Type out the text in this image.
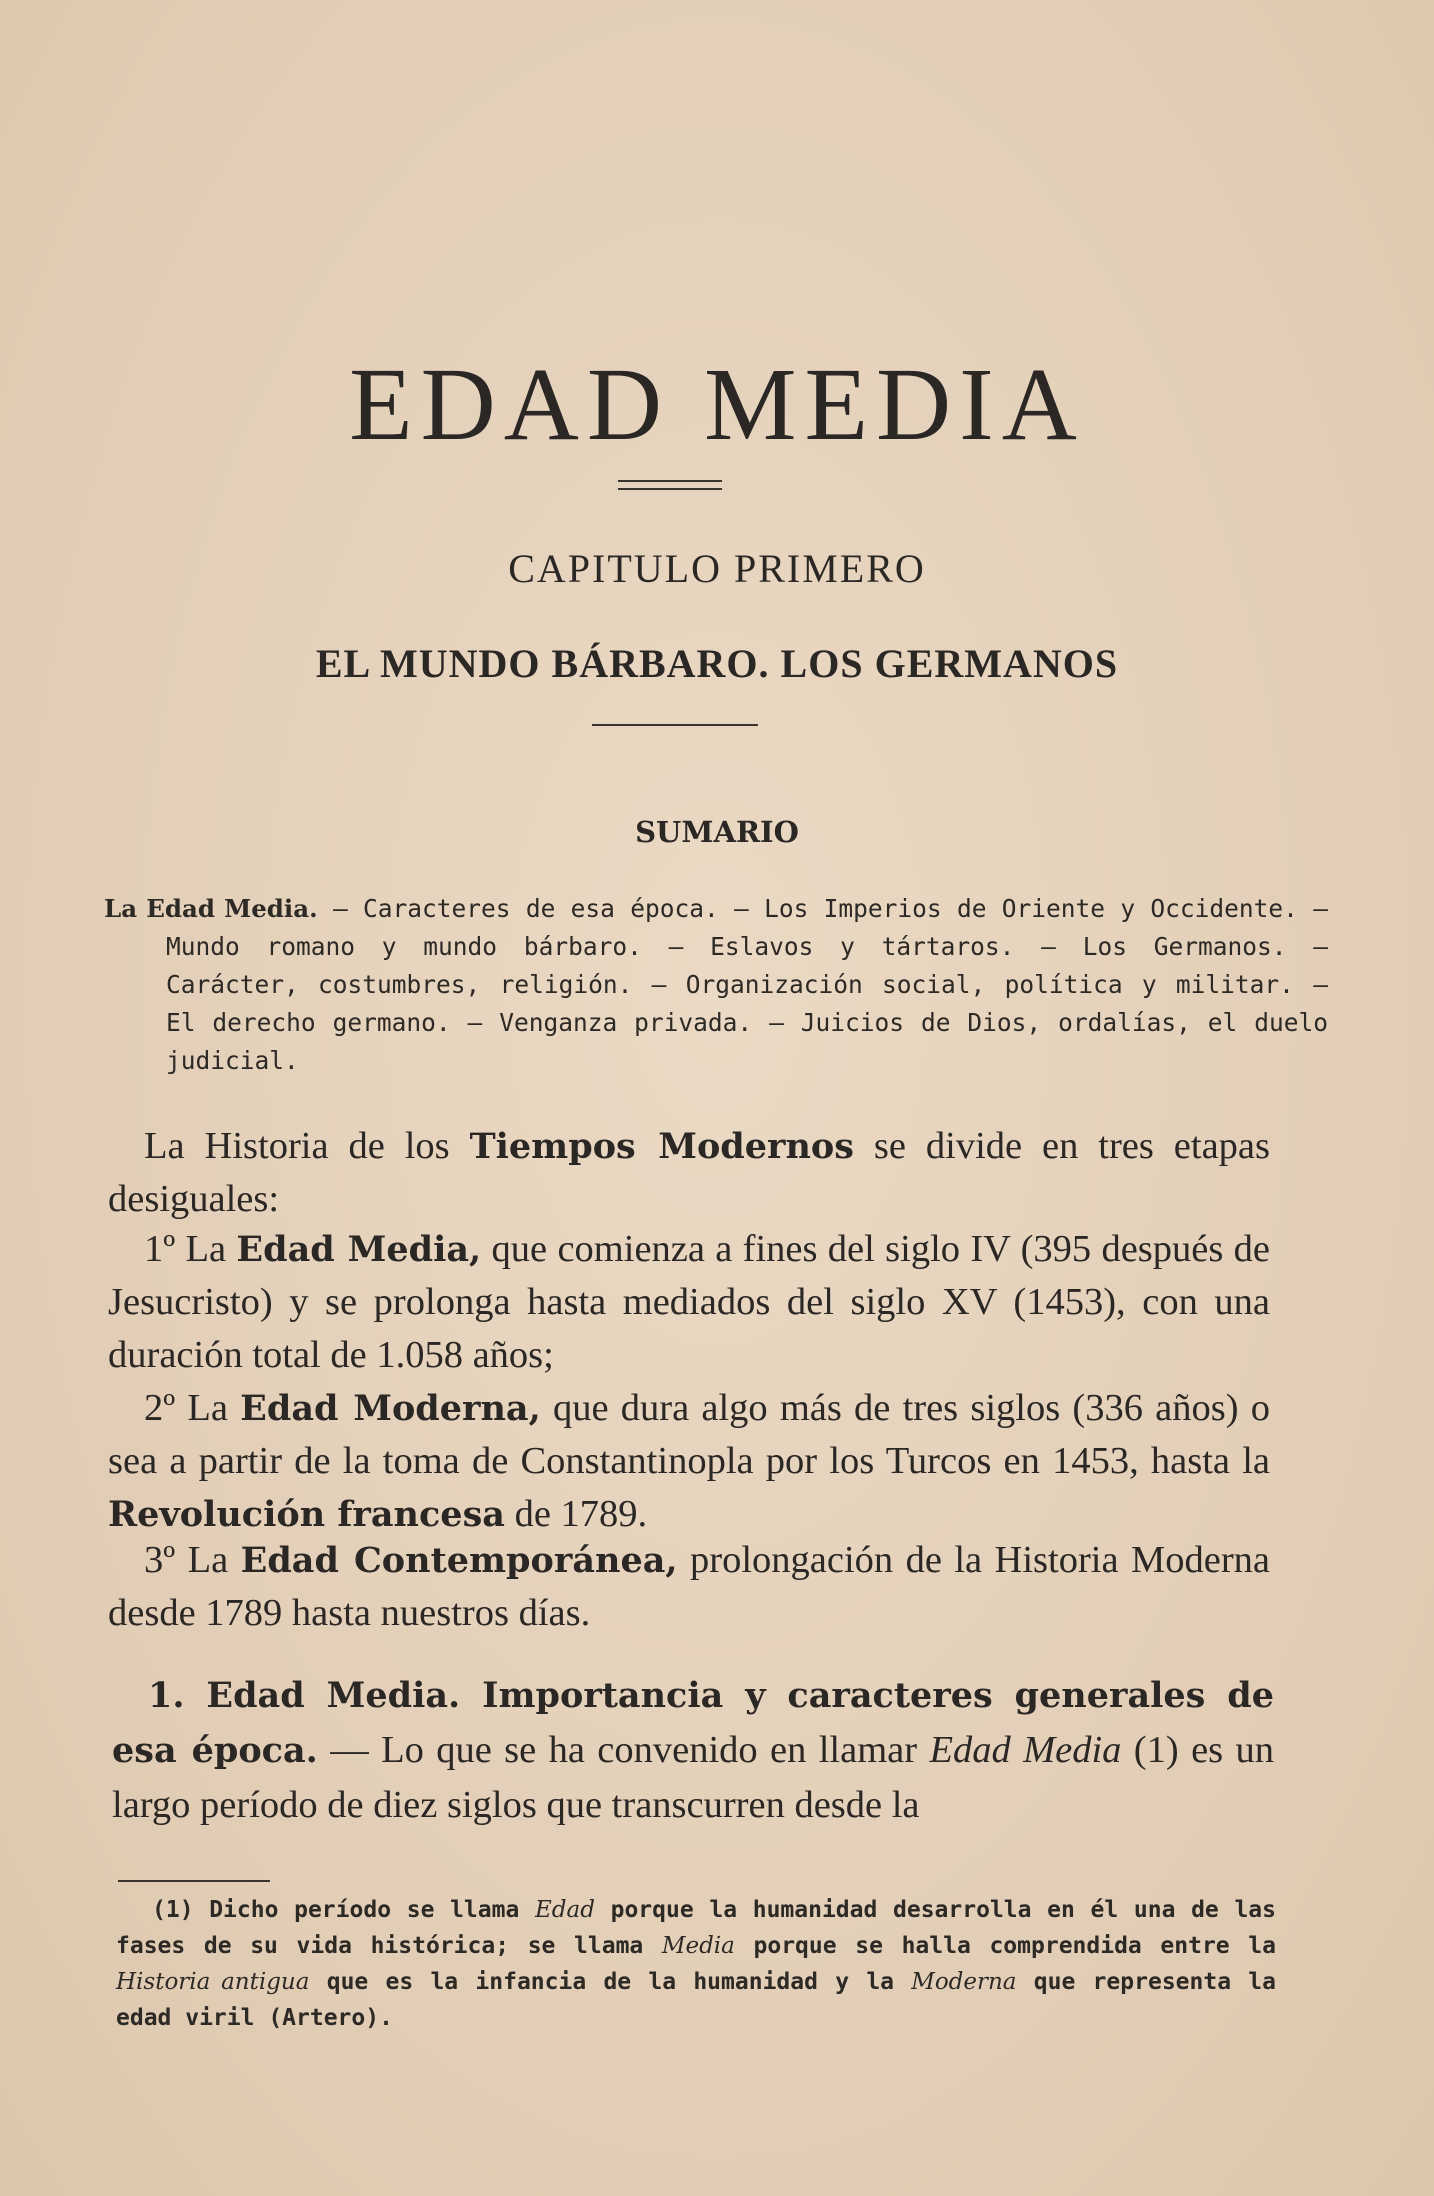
EDAD MEDIA
CAPITULO PRIMERO
EL MUNDO BÁRBARO. LOS GERMANOS
SUMARIO

La Edad Media. — Caracteres de esa época. — Los Imperios de Oriente y Occidente. — Mundo romano y mundo bárbaro. — Eslavos y tártaros. — Los Germanos. — Carácter, costumbres, religión. — Organización social, política y militar. — El derecho germano. — Venganza privada. — Juicios de Dios, ordalías, el duelo judicial.

La Historia de los Tiempos Modernos se divide en tres etapas desiguales:

1º La Edad Media, que comienza a fines del siglo IV (395 después de Jesucristo) y se prolonga hasta mediados del siglo XV (1453), con una duración total de 1.058 años;

2º La Edad Moderna, que dura algo más de tres siglos (336 años) o sea a partir de la toma de Constantinopla por los Turcos en 1453, hasta la Revolución francesa de 1789.

3º La Edad Contemporánea, prolongación de la Historia Moderna desde 1789 hasta nuestros días.

1. Edad Media. Importancia y caracteres generales de esa época. — Lo que se ha convenido en llamar Edad Media (1) es un largo período de diez siglos que transcurren desde la

(1) Dicho período se llama Edad porque la humanidad desarrolla en él una de las fases de su vida histórica; se llama Media porque se halla comprendida entre la Historia antigua que es la infancia de la humanidad y la Moderna que representa la edad viril (Artero).
